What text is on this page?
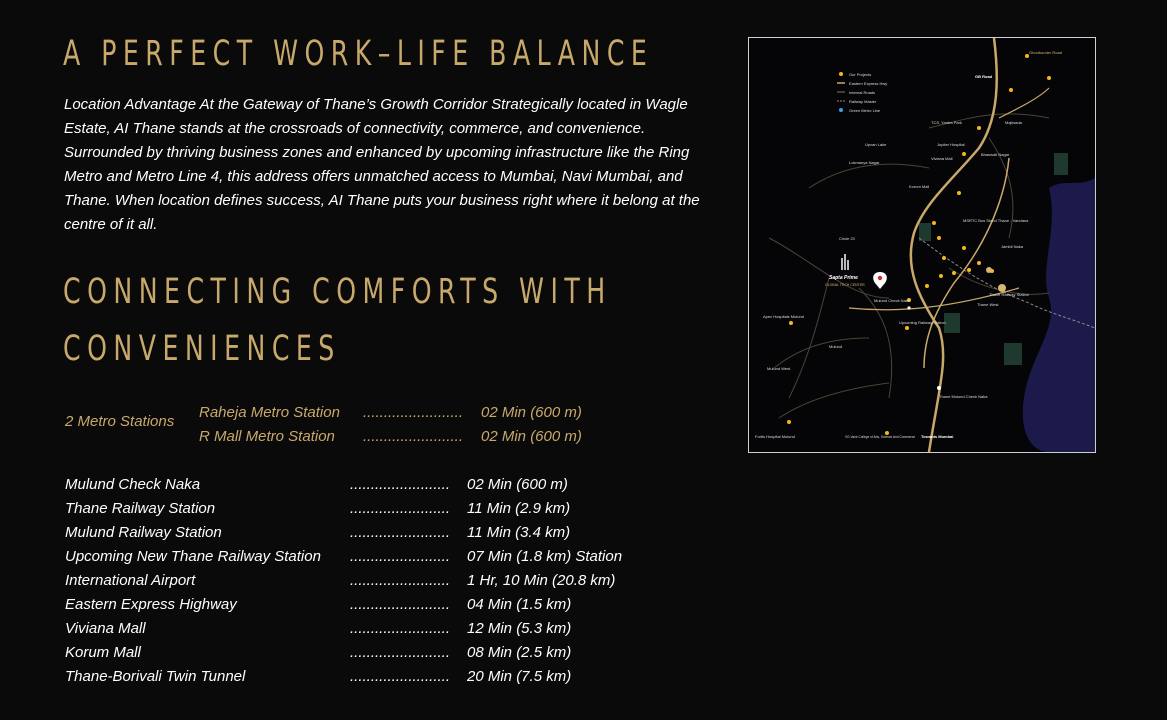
A PERFECT WORK–LIFE BALANCE

Location Advantage At the Gateway of Thane’s Growth Corridor Strategically located in Wagle Estate, AI Thane stands at the crossroads of connectivity, commerce, and convenience. Surrounded by thriving business zones and enhanced by upcoming infrastructure like the Ring Metro and Metro Line 4, this address offers unmatched access to Mumbai, Navi Mumbai, and Thane. When location defines success, AI Thane puts your business right where it belong at the centre of it all.

CONNECTING COMFORTS WITH
CONVENIENCES
2 Metro Stations
Raheja Metro Station ........................ 02 Min (600 m)
R Mall Metro Station ........................ 02 Min (600 m)
Mulund Check Naka	........................ 02 Min (600 m)
Thane Railway Station	........................ 11 Min (2.9 km)
Mulund Railway Station	........................ 11 Min (3.4 km)
Upcoming New Thane Railway Station ........................ 07 Min (1.8 km) Station
International Airport	........................ 1 Hr, 10 Min (20.8 km)
Eastern Express Highway	........................ 04 Min (1.5 km)
Viviana Mall	........................ 12 Min (5.3 km)
Korum Mall	........................ 08 Min (2.5 km)
Thane-Borivali Twin Tunnel	........................ 20 Min (7.5 km)
Our Projects
Eastern Express Hwy
Internal Roads
Railway Master
Green Metro Line
Sapta Prime
GLOBAL TECH CENTER
Ghodbunder Road
GB Road
TCS, Yantra Park	Majiwada
Upvan Lake	Jupiter Hospital
Lokmanya Nagar
Viviana Mall
Bhaswati Nagar
Korum Mall
MSRTC Bus Stand Thane - Vandana
Circle 23
Jambli Naka
Mulund Check Naka
Thane West
Thane Railway Station
Apex Hospitals Mulund
Upcoming Railway Station
Mulund
Mulund West
Thane Mulund Check Naka
Fortis Hospital Mulund	VG Vaze College of Arts, Science And Commerce Towards Mumbai
